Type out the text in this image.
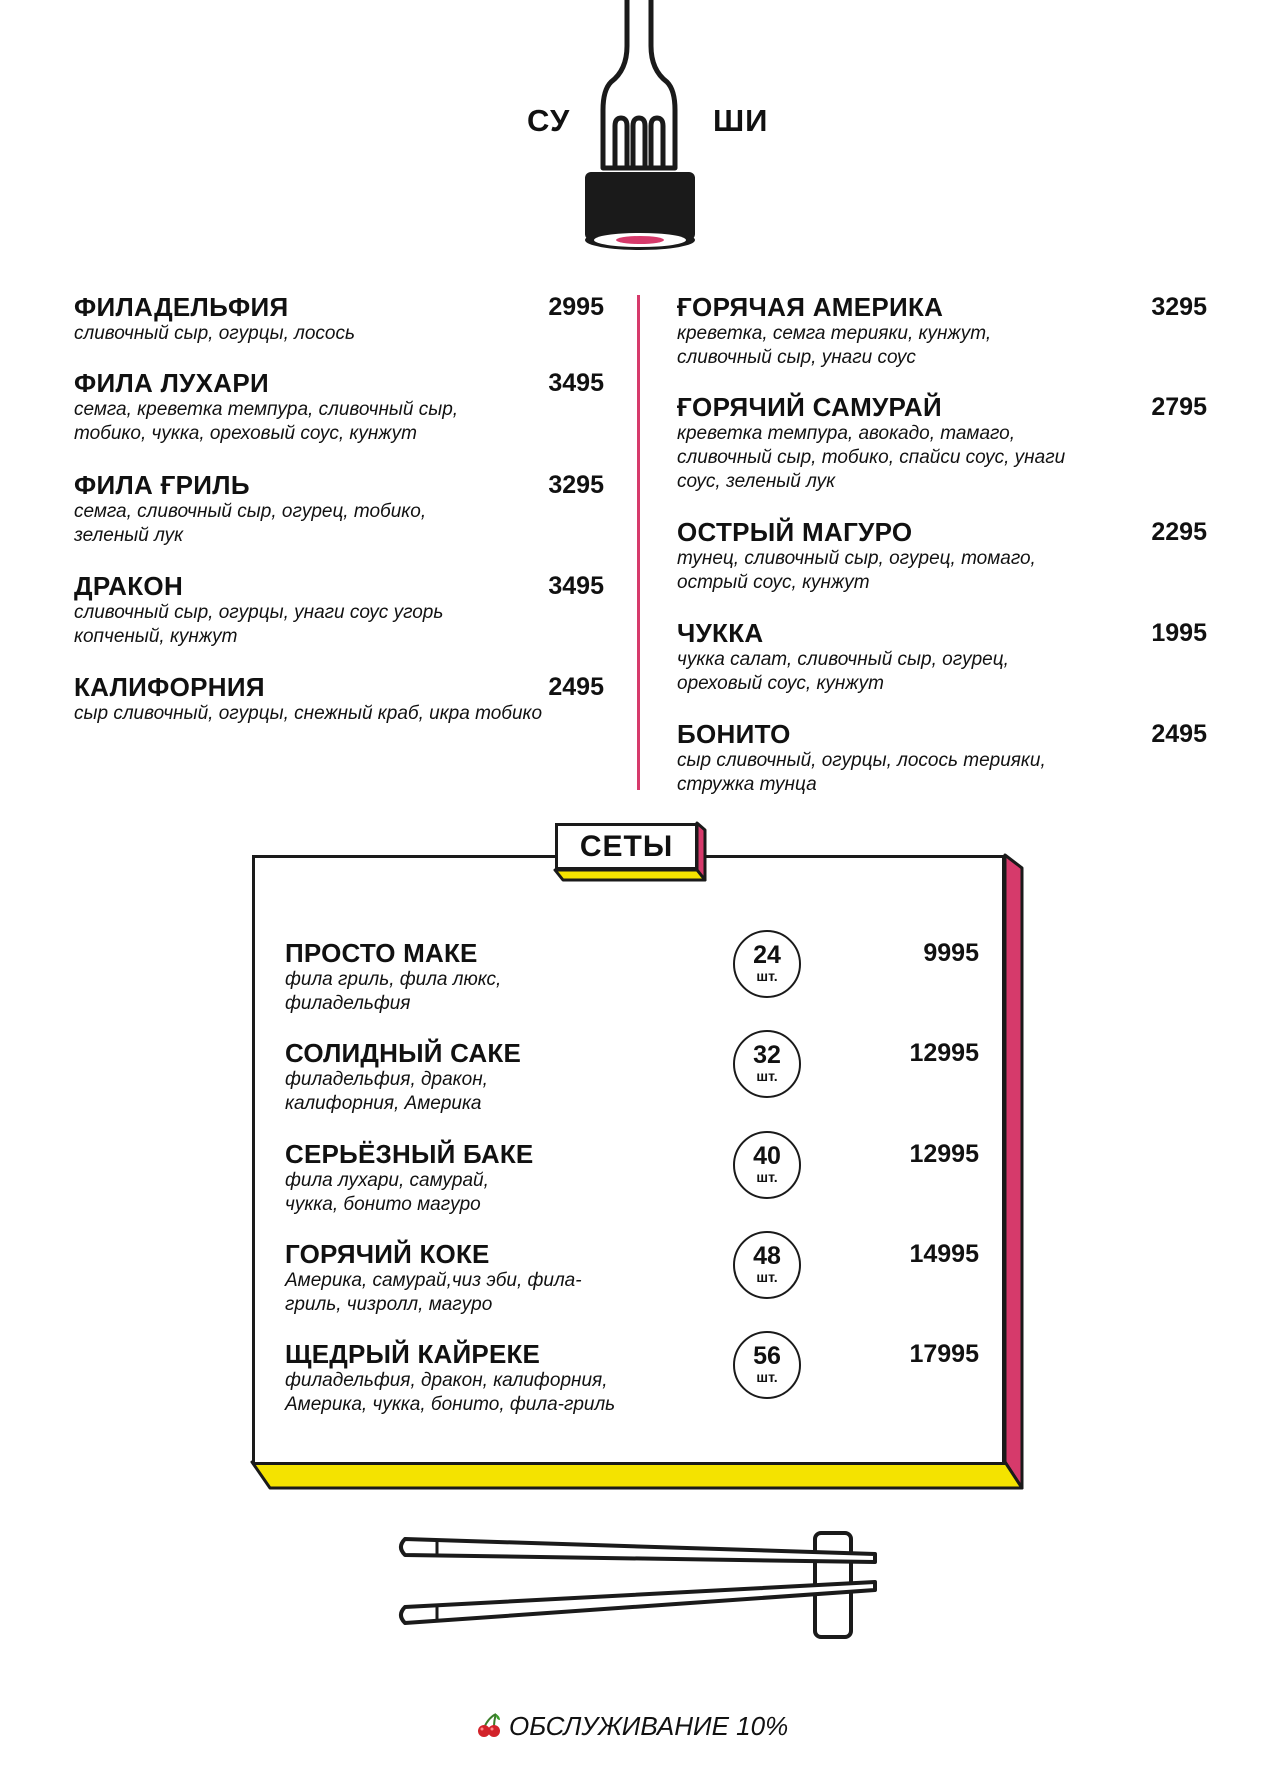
СУ	ШИ
ФИЛАДЕЛЬФИЯ	2995
сливочный сыр, огурцы, лосось
ФИЛА ЛУХАРИ	3495
семга, креветка темпура, сливочный сыр, тобико, чукка, ореховый соус, кунжут
ФИЛА ҒРИЛЬ	3295
семга, сливочный сыр, огурец, тобико, зеленый лук
ДРАКОН	3495
сливочный сыр, огурцы, унаги соус угорь копченый, кунжут
КАЛИФОРНИЯ	2495
сыр сливочный, огурцы, снежный краб, икра тобико
ҒОРЯЧАЯ АМЕРИКА	3295
креветка, семга терияки, кунжут, сливочный сыр, унаги соус
ҒОРЯЧИЙ САМУРАЙ	2795
креветка темпура, авокадо, тамаго, сливочный сыр, тобико, спайси соус, унаги соус, зеленый лук
ОСТРЫЙ МАГУРО	2295
тунец, сливочный сыр, огурец, томаго, острый соус, кунжут
ЧУККА	1995
чукка салат, сливочный сыр, огурец, ореховый соус, кунжут
БОНИТО	2495
сыр сливочный, огурцы, лосось терияки, стружка тунца
СЕТЫ
ПРОСТО МАКЕ
фила гриль, фила люкс, филадельфия
24
шт.
9995
СОЛИДНЫЙ САКЕ
филадельфия, дракон, калифорния, Америка
32
шт.
12995
СЕРЬЁЗНЫЙ БАКЕ
фила лухари, самурай, чукка, бонито магуро
40
шт.
12995
ГОРЯЧИЙ КОКЕ
Америка, самурай,чиз эби, фила-гриль, чизролл, магуро
48
шт.
14995
ЩЕДРЫЙ КАЙРЕКЕ
филадельфия, дракон, калифорния, Америка, чукка, бонито, фила-гриль
56
шт.
17995
ОБСЛУЖИВАНИЕ 10%
